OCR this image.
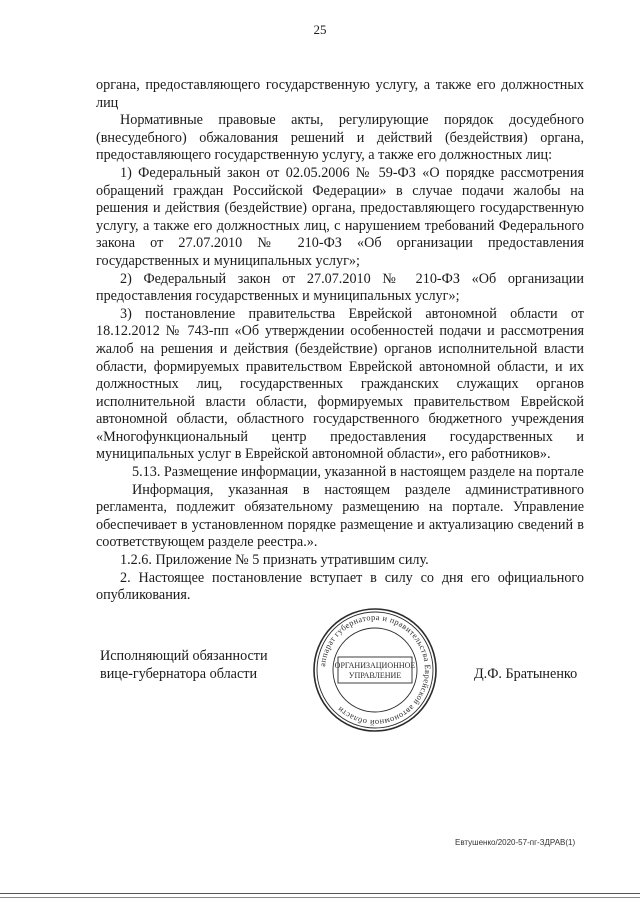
25

органа, предоставляющего государственную услугу, а также его должностных лиц

Нормативные правовые акты, регулирующие порядок досудебного (внесудебного) обжалования решений и действий (бездействия) органа, предоставляющего государственную услугу, а также его должностных лиц:

1) Федеральный закон от 02.05.2006 № 59-ФЗ «О порядке рассмотрения обращений граждан Российской Федерации» в случае подачи жалобы на решения и действия (бездействие) органа, предоставляющего государственную услугу, а также его должностных лиц, с нарушением требований Федерального закона от 27.07.2010 № 210-ФЗ «Об организации предоставления государственных и муниципальных услуг»;

2) Федеральный закон от 27.07.2010 № 210-ФЗ «Об организации предоставления государственных и муниципальных услуг»;

3) постановление правительства Еврейской автономной области от 18.12.2012 № 743-пп «Об утверждении особенностей подачи и рассмотрения жалоб на решения и действия (бездействие) органов исполнительной власти области, формируемых правительством Еврейской автономной области, и их должностных лиц, государственных гражданских служащих органов исполнительной власти области, формируемых правительством Еврейской автономной области, областного государственного бюджетного учреждения «Многофункциональный центр предоставления государственных и муниципальных услуг в Еврейской автономной области», его работников».

5.13. Размещение информации, указанной в настоящем разделе на портале

Информация, указанная в настоящем разделе административного регламента, подлежит обязательному размещению на портале. Управление обеспечивает в установленном порядке размещение и актуализацию сведений в соответствующем разделе реестра.».

1.2.6. Приложение № 5 признать утратившим силу.

2. Настоящее постановление вступает в силу со дня его официального опубликования.

Исполняющий обязанности
вице-губернатора области
аппарат губернатора и правительства Еврейской автономной области
ОРГАНИЗАЦИОННОЕ
УПРАВЛЕНИЕ	Д.Ф. Братыненко
Евтушенко/2020-57-пг-ЗДРАВ(1)
